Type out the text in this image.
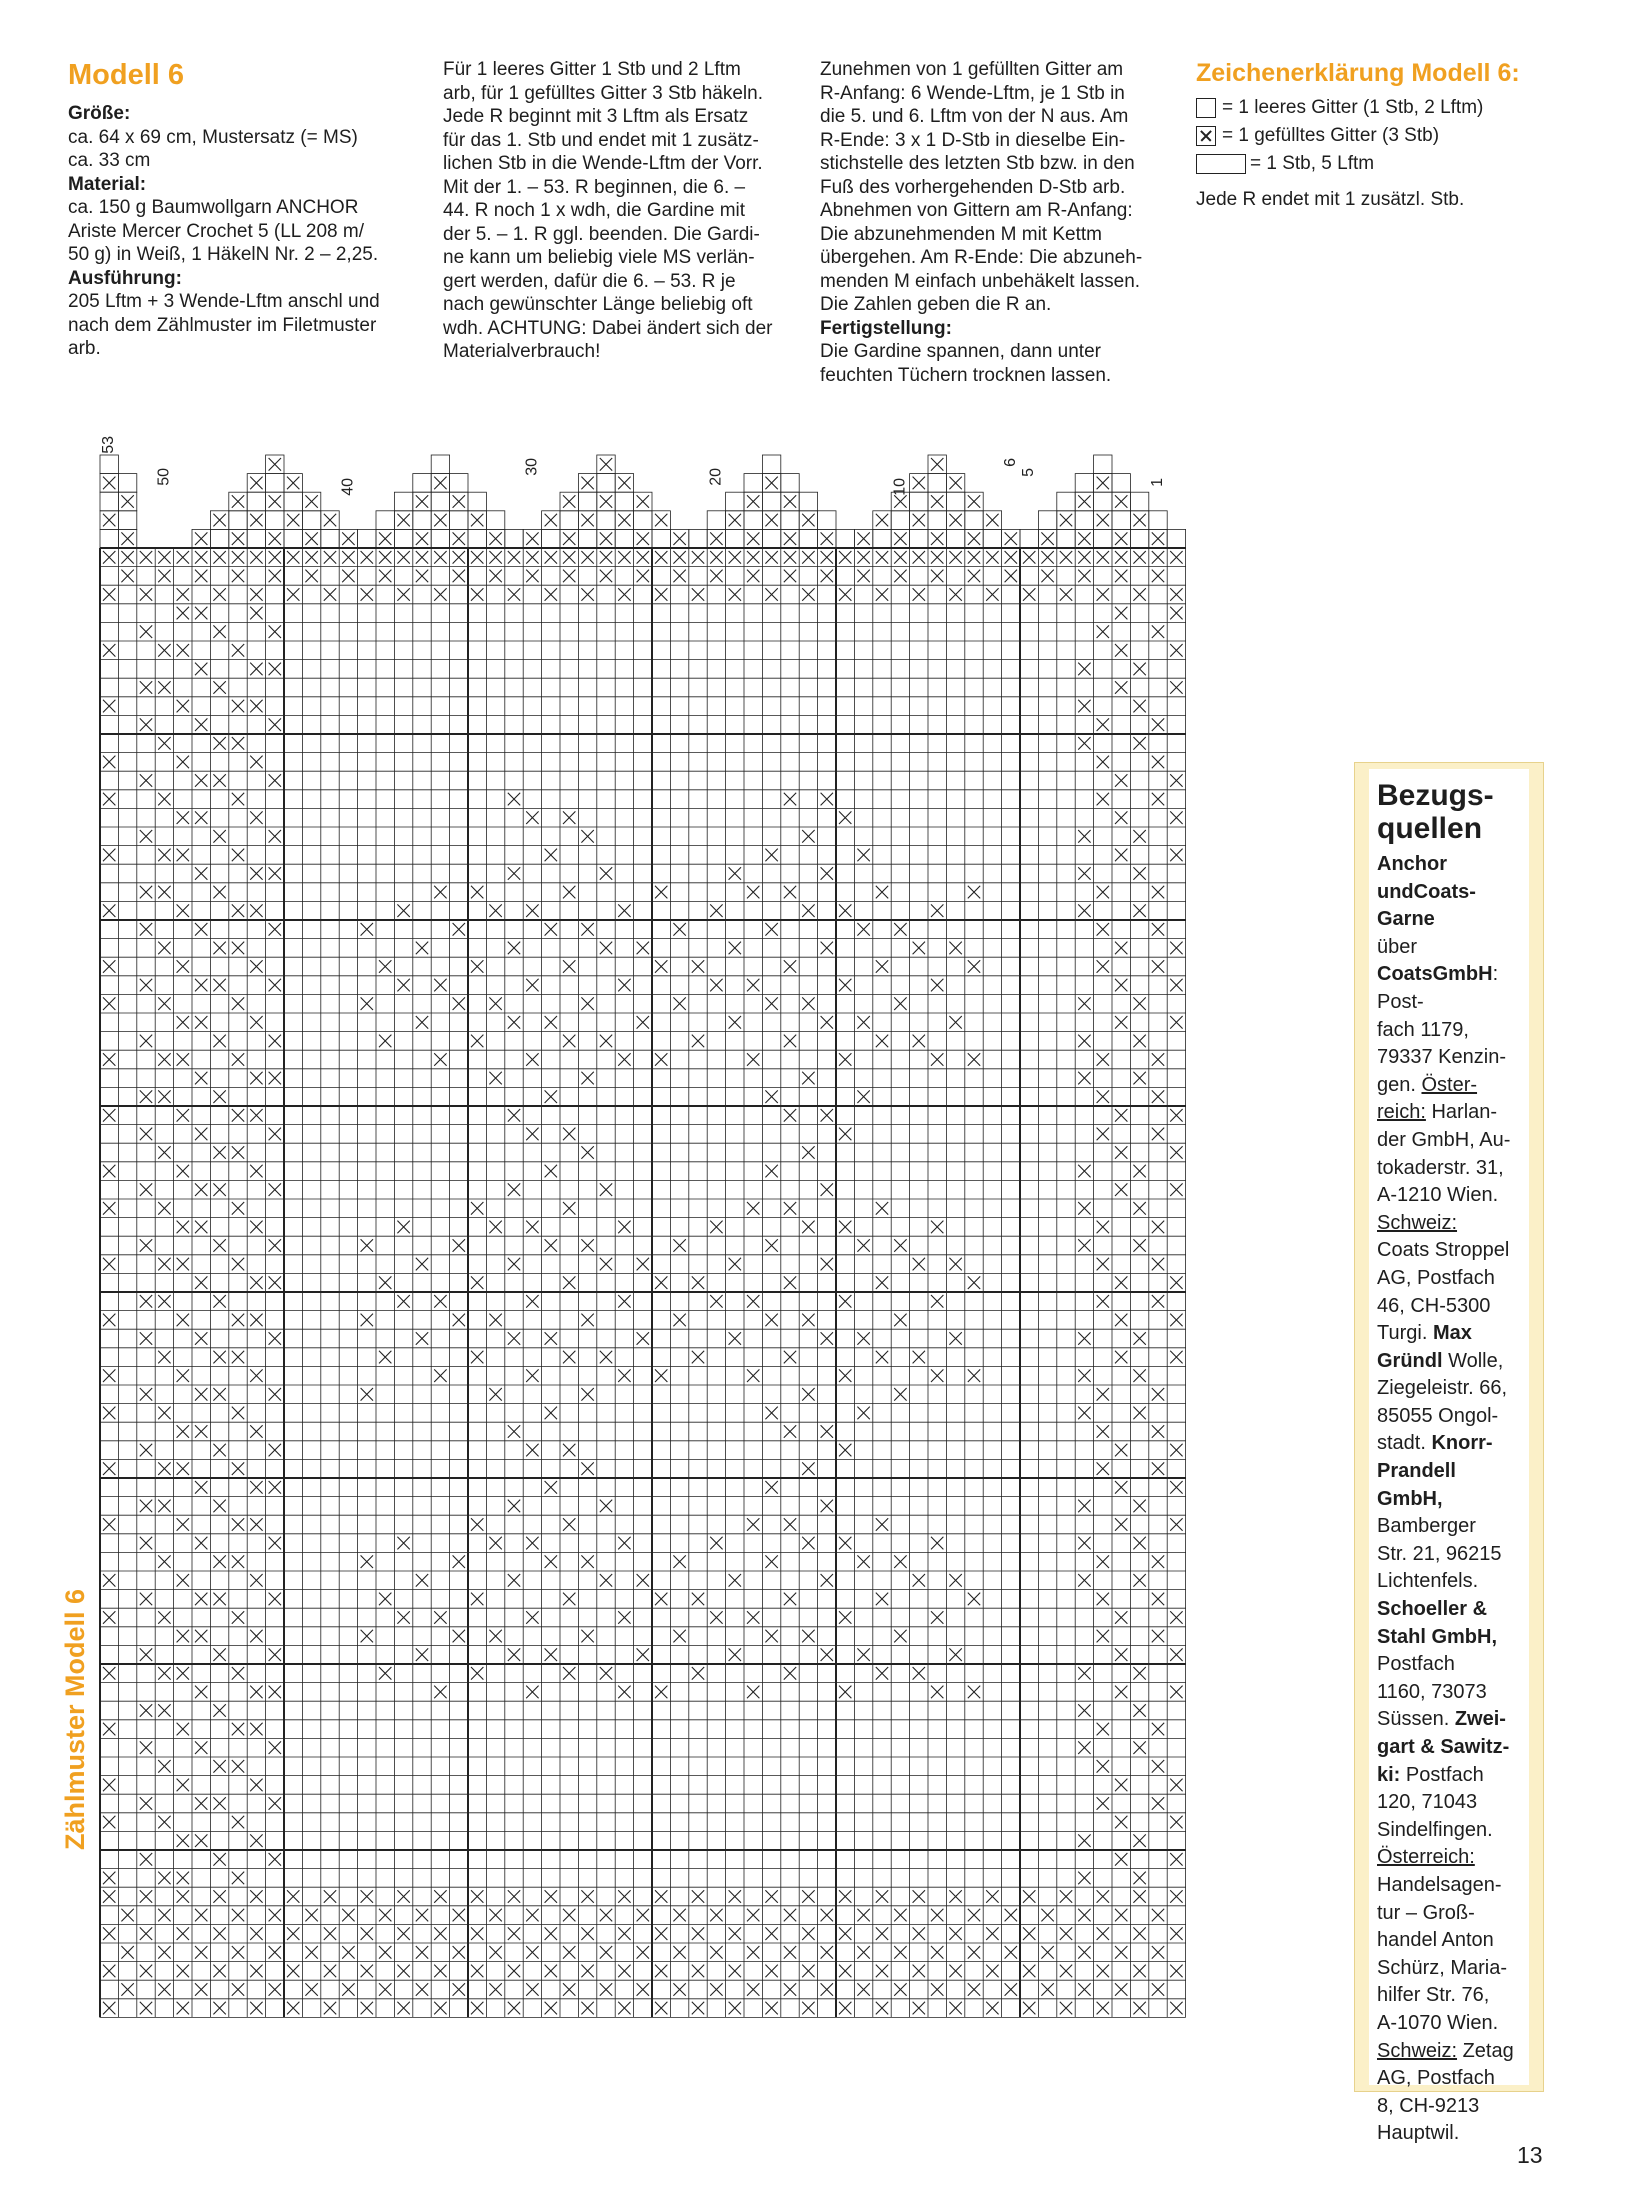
Modell 6

Größe:

ca. 64 x 69 cm, Mustersatz (= MS)

ca. 33 cm

Material:

ca. 150 g Baumwollgarn ANCHOR

Ariste Mercer Crochet 5 (LL 208 m/

50 g) in Weiß, 1 HäkelN Nr. 2 – 2,25.

Ausführung:

205 Lftm + 3 Wende-Lftm anschl und

nach dem Zählmuster im Filetmuster

arb.

Für 1 leeres Gitter 1 Stb und 2 Lftm

arb, für 1 gefülltes Gitter 3 Stb häkeln.

Jede R beginnt mit 3 Lftm als Ersatz

für das 1. Stb und endet mit 1 zusätz-

lichen Stb in die Wende-Lftm der Vorr.

Mit der 1. – 53. R beginnen, die 6. –

44. R noch 1 x wdh, die Gardine mit

der 5. – 1. R ggl. beenden. Die Gardi-

ne kann um beliebig viele MS verlän-

gert werden, dafür die 6. – 53. R je

nach gewünschter Länge beliebig oft

wdh. ACHTUNG: Dabei ändert sich der

Materialverbrauch!

Zunehmen von 1 gefüllten Gitter am

R-Anfang: 6 Wende-Lftm, je 1 Stb in

die 5. und 6. Lftm von der N aus. Am

R-Ende: 3 x 1 D-Stb in dieselbe Ein-

stichstelle des letzten Stb bzw. in den

Fuß des vorhergehenden D-Stb arb.

Abnehmen von Gittern am R-Anfang:

Die abzunehmenden M mit Kettm

übergehen. Am R-Ende: Die abzuneh-

menden M einfach unbehäkelt lassen.

Die Zahlen geben die R an.

Fertigstellung:

Die Gardine spannen, dann unter

feuchten Tüchern trocknen lassen.

Zeichenerklärung Modell 6:
= 1 leeres Gitter (1 Stb, 2 Lftm)
= 1 gefülltes Gitter (3 Stb)
= 1 Stb, 5 Lftm
Jede R endet mit 1 zusätzl. Stb.
53
50
40
30
20
10
6
5
1
Zählmuster Modell 6
Bezugs-
quellen
Anchor undCoats-Garne
über
CoatsGmbH: Post-
fach 1179,
79337 Kenzin-
gen. Öster-
reich: Harlan-
der GmbH, Au-
tokaderstr. 31,
A-1210 Wien.
Schweiz:
Coats Stroppel
AG, Postfach
46, CH-5300
Turgi. Max
Gründl Wolle,
Ziegeleistr. 66,
85055 Ongol-
stadt. Knorr-
Prandell
GmbH,
Bamberger
Str. 21, 96215
Lichtenfels.
Schoeller &
Stahl GmbH,
Postfach
1160, 73073
Süssen. Zwei-
gart & Sawitz-
ki: Postfach
120, 71043
Sindelfingen.
Österreich:
Handelsagen-
tur – Groß-
handel Anton
Schürz, Maria-
hilfer Str. 76,
A-1070 Wien.
Schweiz: Zetag
AG, Postfach
8, CH-9213
Hauptwil.

13
